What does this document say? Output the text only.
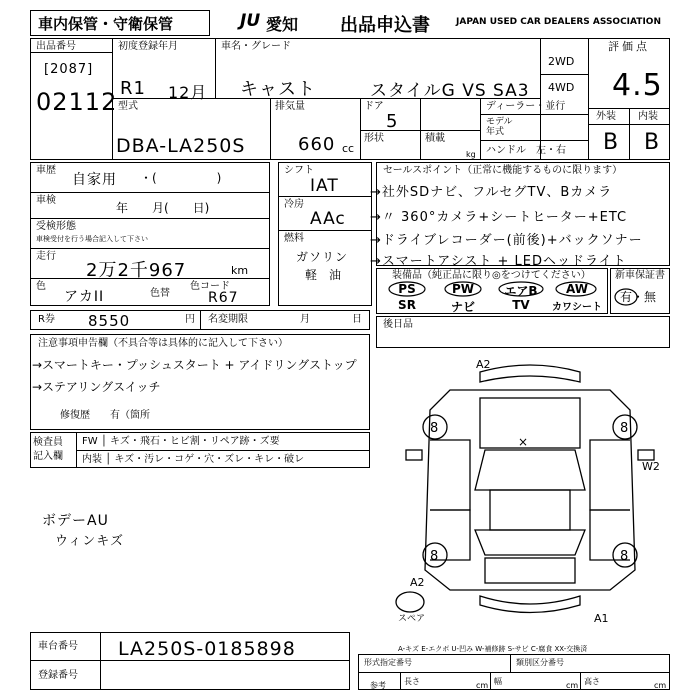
車内保管・守衛保管	JU 愛知 出品申込書	JAPAN USED CAR DEALERS ASSOCIATION
出品番号
[2087]
02112
初度登録年月
R1 12月
車名・グレード
キャスト	スタイルG VS SA3
2WD
4WD
評価点
4.5
型式
DBA-LA250S
排気量
660 cc
ドア
5
形状	積載
kg
ディーラー・並行
モデル
年式
ハンドル　左・右
外装 内装
B B
車歴
自家用 ・(　　　　　)
車検
年　　月(　　日)
受検形態
車検受付を行う場合記入して下さい
走行
2万2千967	km
色
アカII	色替
色コード
R67
シフト
IAT
冷房
AAc
燃料
ガソリン
軽　油
セールスポイント（正常に機能するものに限ります）
→社外SDナビ、フルセグTV、Bカメラ
→〃 360°カメラ+シートヒーター+ETC
→ドライブレコーダー(前後)+バックソナー
→スマートアシスト + LEDヘッドライト
装備品（純正品に限り◎をつけてください）
PS	PW	エアB	AW
SR	ナビ	TV	カワシート
新車保証書
有・無
R券 8550	円 名変期限	月	日 後日品
注意事項申告欄（不具合等は具体的に記入して下さい）
→スマートキー・プッシュスタート + アイドリングストップ
→ステアリングスイッチ
修復歴　　有（箇所
検査員
記入欄
FW │ キズ・飛石・ヒビ割・リペア跡・ズ要
内装 │ キズ・汚レ・コゲ・穴・ズレ・キレ・破レ
ボデーAU
ウィンキズ
A2
W2
A2
A1
×
8	8
8	8
スペア
車台番号 LA250S-0185898
登録番号
A-キズ E-エクボ U-凹み W-補修跡 S-サビ C-腐食 XX-交換済
形式指定番号	類別区分番号
長さ	幅	高さ
参考	cm	cm	cm
